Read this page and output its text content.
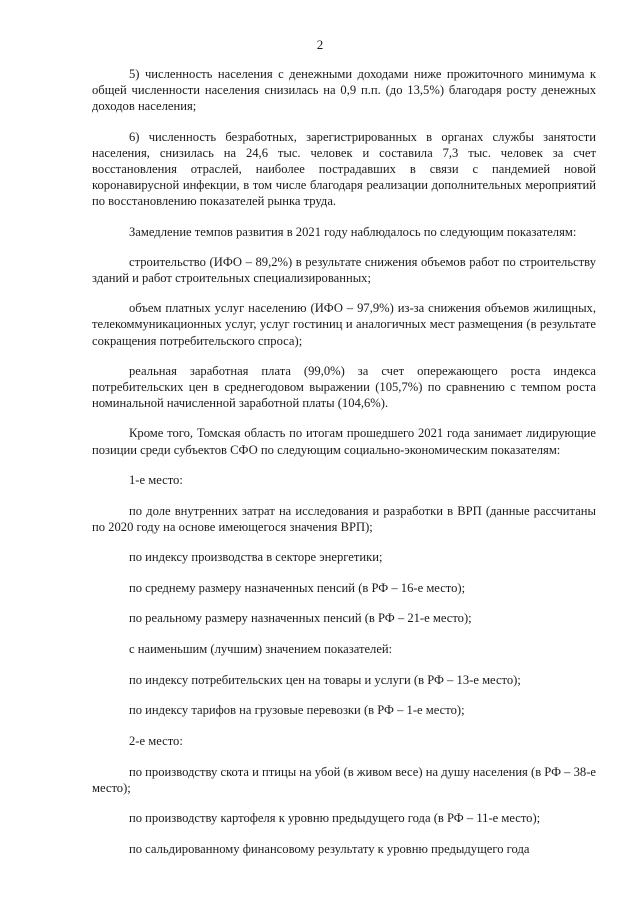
2

5) численность населения с денежными доходами ниже прожиточного минимума к общей численности населения снизилась на 0,9 п.п. (до 13,5%) благодаря росту денежных доходов населения;

6) численность безработных, зарегистрированных в органах службы занятости населения, снизилась на 24,6 тыс. человек и составила 7,3 тыс. человек за счет восстановления отраслей, наиболее пострадавших в связи с пандемией новой коронавирусной инфекции, в том числе благодаря реализации дополнительных мероприятий по восстановлению показателей рынка труда.

Замедление темпов развития в 2021 году наблюдалось по следующим показателям:

строительство (ИФО – 89,2%) в результате снижения объемов работ по строительству зданий и работ строительных специализированных;

объем платных услуг населению (ИФО – 97,9%) из-за снижения объемов жилищных, телекоммуникационных услуг, услуг гостиниц и аналогичных мест размещения (в результате сокращения потребительского спроса);

реальная заработная плата (99,0%) за счет опережающего роста индекса потребительских цен в среднегодовом выражении (105,7%) по сравнению с темпом роста номинальной начисленной заработной платы (104,6%).

Кроме того, Томская область по итогам прошедшего 2021 года занимает лидирующие позиции среди субъектов СФО по следующим социально-экономическим показателям:

1-е место:

по доле внутренних затрат на исследования и разработки в ВРП (данные рассчитаны по 2020 году на основе имеющегося значения ВРП);

по индексу производства в секторе энергетики;

по среднему размеру назначенных пенсий (в РФ – 16-е место);

по реальному размеру назначенных пенсий (в РФ – 21-е место);

с наименьшим (лучшим) значением показателей:

по индексу потребительских цен на товары и услуги (в РФ – 13-е место);

по индексу тарифов на грузовые перевозки (в РФ – 1-е место);

2-е место:

по производству скота и птицы на убой (в живом весе) на душу населения (в РФ – 38-е место);

по производству картофеля к уровню предыдущего года (в РФ – 11-е место);

по сальдированному финансовому результату к уровню предыдущего года
